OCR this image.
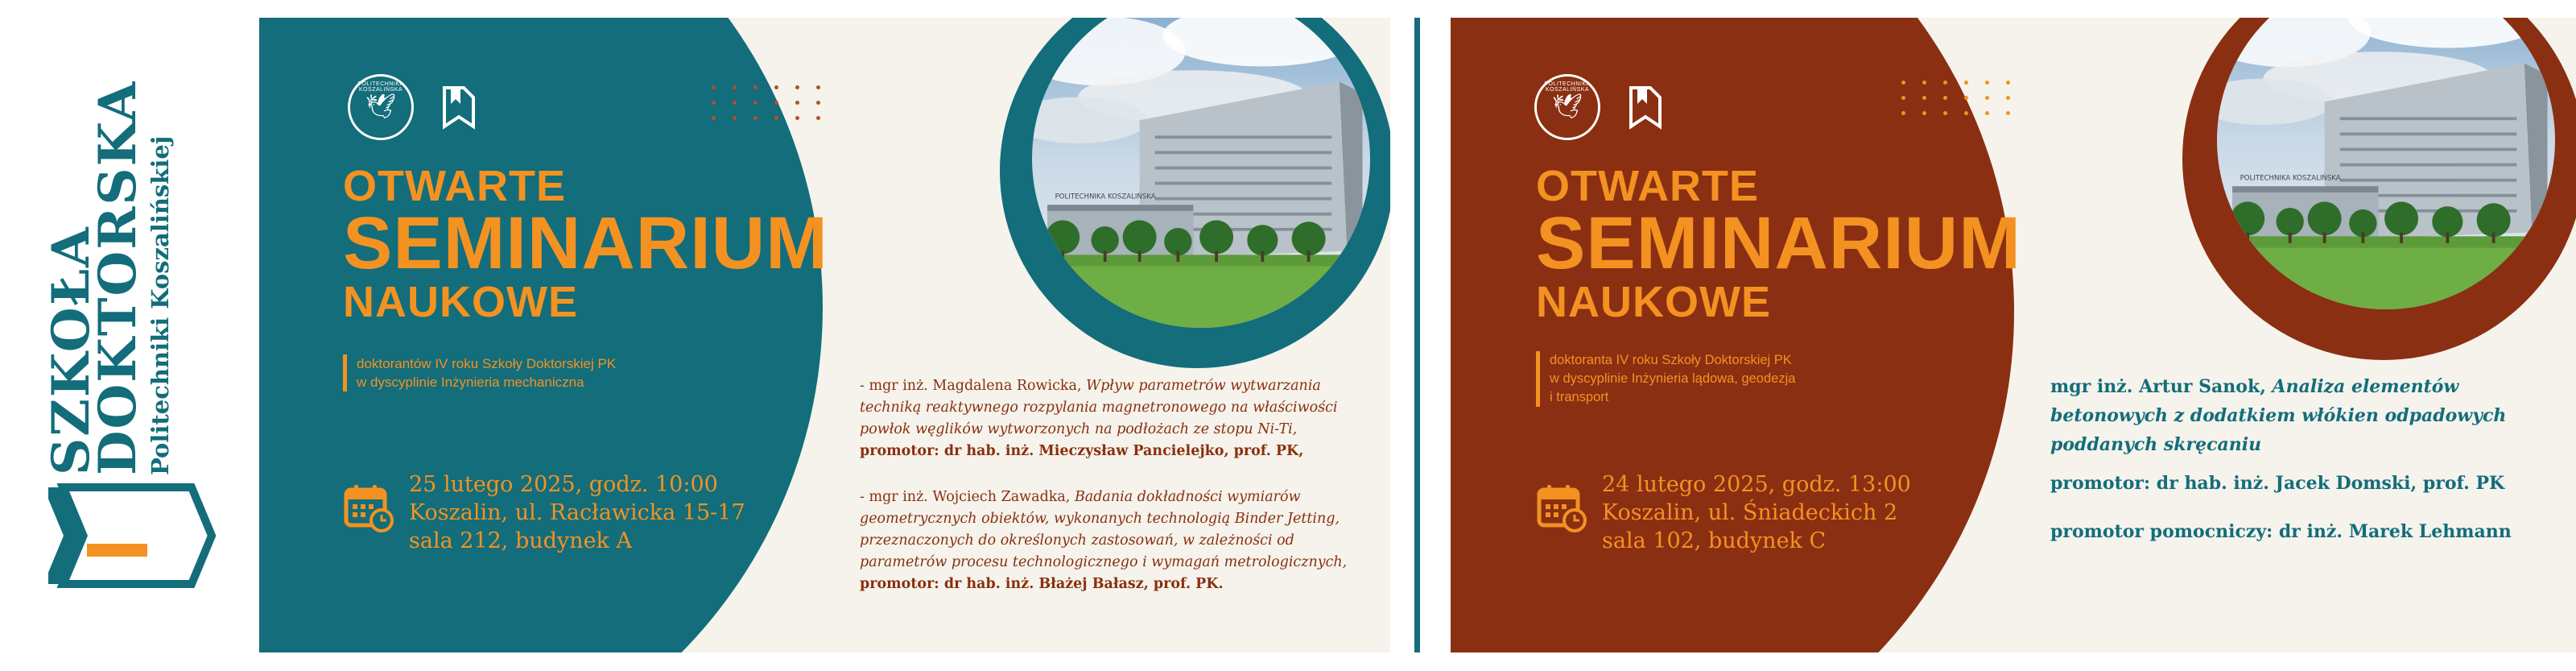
SZKOŁA
DOKTORSKA
Politechniki Koszalińskiej
POLITECHNIKA KOSZALIŃSKA
🕊
OTWARTE
SEMINARIUM
NAUKOWE
doktorantów IV roku Szkoły Doktorskiej PK
w dyscyplinie Inżynieria mechaniczna
25 lutego 2025, godz. 10:00
Koszalin, ul. Racławicka 15-17
sala 212, budynek A
- mgr inż. Magdalena Rowicka, Wpływ parametrów wytwarzania techniką reaktywnego rozpylania magnetronowego na właściwości powłok węglików wytworzonych na podłożach ze stopu Ni-Ti,
promotor: dr hab. inż. Mieczysław Pancielejko, prof. PK,
- mgr inż. Wojciech Zawadka, Badania dokładności wymiarów geometrycznych obiektów, wykonanych technologią Binder Jetting, przeznaczonych do określonych zastosowań, w zależności od parametrów procesu technologicznego i wymagań metrologicznych,
promotor: dr hab. inż. Błażej Bałasz, prof. PK.
POLITECHNIKA KOSZALIŃSKA
🕊
OTWARTE
SEMINARIUM
NAUKOWE
doktoranta IV roku Szkoły Doktorskiej PK
w dyscyplinie Inżynieria lądowa, geodezja
i transport
24 lutego 2025, godz. 13:00
Koszalin, ul. Śniadeckich 2
sala 102, budynek C
mgr inż. Artur Sanok, Analiza elementów betonowych z dodatkiem włókien odpadowych poddanych skręcaniu
promotor: dr hab. inż. Jacek Domski, prof. PK
promotor pomocniczy: dr inż. Marek Lehmann
